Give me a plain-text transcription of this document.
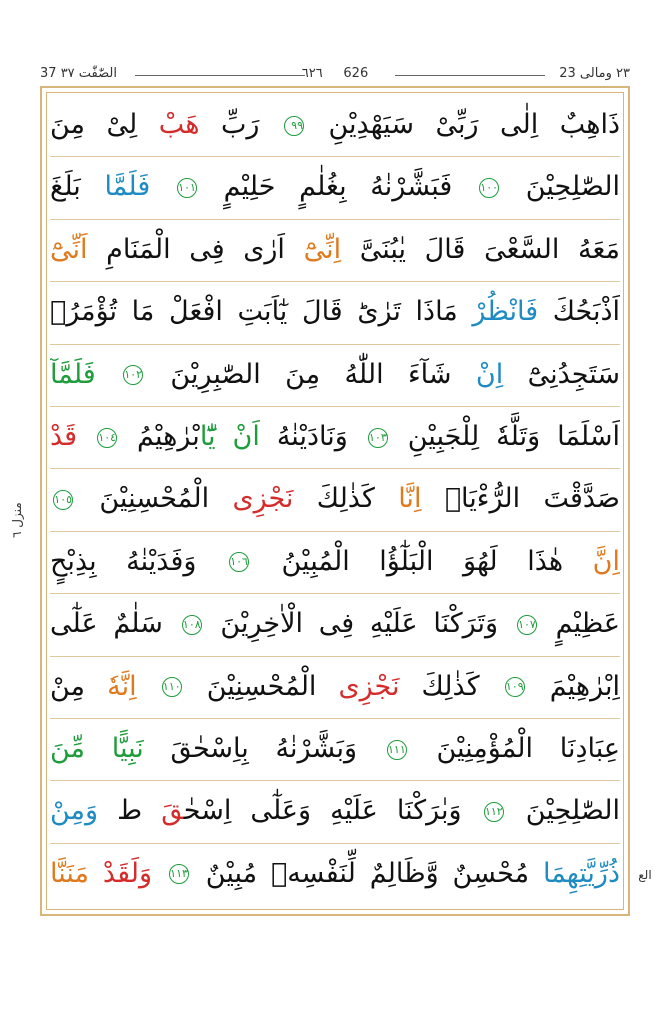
37 الصّٰفّٰت ٣٧	٦٢٦ 626	٢٣ ومالى 23
منزل ٦
الع
ذَاهِبٌ اِلٰى رَبِّىْ سَيَهْدِيْنِ ٩٩ رَبِّ هَبْ لِىْ مِنَ
الصّٰلِحِيْنَ ١٠٠ فَبَشَّرْنٰهُ بِغُلٰمٍ حَلِيْمٍ ١٠١ فَلَمَّا بَلَغَ
مَعَهُ السَّعْىَ قَالَ يٰبُنَىَّ اِنِّىْٓ اَرٰى فِى الْمَنَامِ اَنِّىْٓ
اَذْبَحُكَ فَانْظُرْ مَاذَا تَرٰىؕ قَالَ يٰٓاَبَتِ افْعَلْ مَا تُؤْمَرُؗ
سَتَجِدُنِىْٓ اِنْ شَآءَ اللّٰهُ مِنَ الصّٰبِرِيْنَ ١٠٢ فَلَمَّآ
اَسْلَمَا وَتَلَّهٗ لِلْجَبِيْنِ ١٠٣ وَنَادَيْنٰهُ اَنْ يّٰٓابْرٰهِيْمُ ١٠٤ قَدْ
صَدَّقْتَ الرُّءْيَاۚ اِنَّا كَذٰلِكَ نَجْزِى الْمُحْسِنِيْنَ ١٠٥
اِنَّ هٰذَا لَهُوَ الْبَلٰٓؤُا الْمُبِيْنُ ١٠٦ وَفَدَيْنٰهُ بِذِبْحٍ
عَظِيْمٍ ١٠٧ وَتَرَكْنَا عَلَيْهِ فِى الْاٰخِرِيْنَ ١٠٨ سَلٰمٌ عَلٰٓى
اِبْرٰهِيْمَ ١٠٩ كَذٰلِكَ نَجْزِى الْمُحْسِنِيْنَ ١١٠ اِنَّهٗ مِنْ
عِبَادِنَا الْمُؤْمِنِيْنَ ١١١ وَبَشَّرْنٰهُ بِاِسْحٰقَ نَبِيًّا مِّنَ
الصّٰلِحِيْنَ ١١٢ وَبٰرَكْنَا عَلَيْهِ وَعَلٰٓى اِسْحٰقَ ط وَمِنْ
ذُرِّيَّتِهِمَا مُحْسِنٌ وَّظَالِمٌ لِّنَفْسِهٖ مُبِيْنٌ ١١٣ وَلَقَدْ مَنَنَّا
